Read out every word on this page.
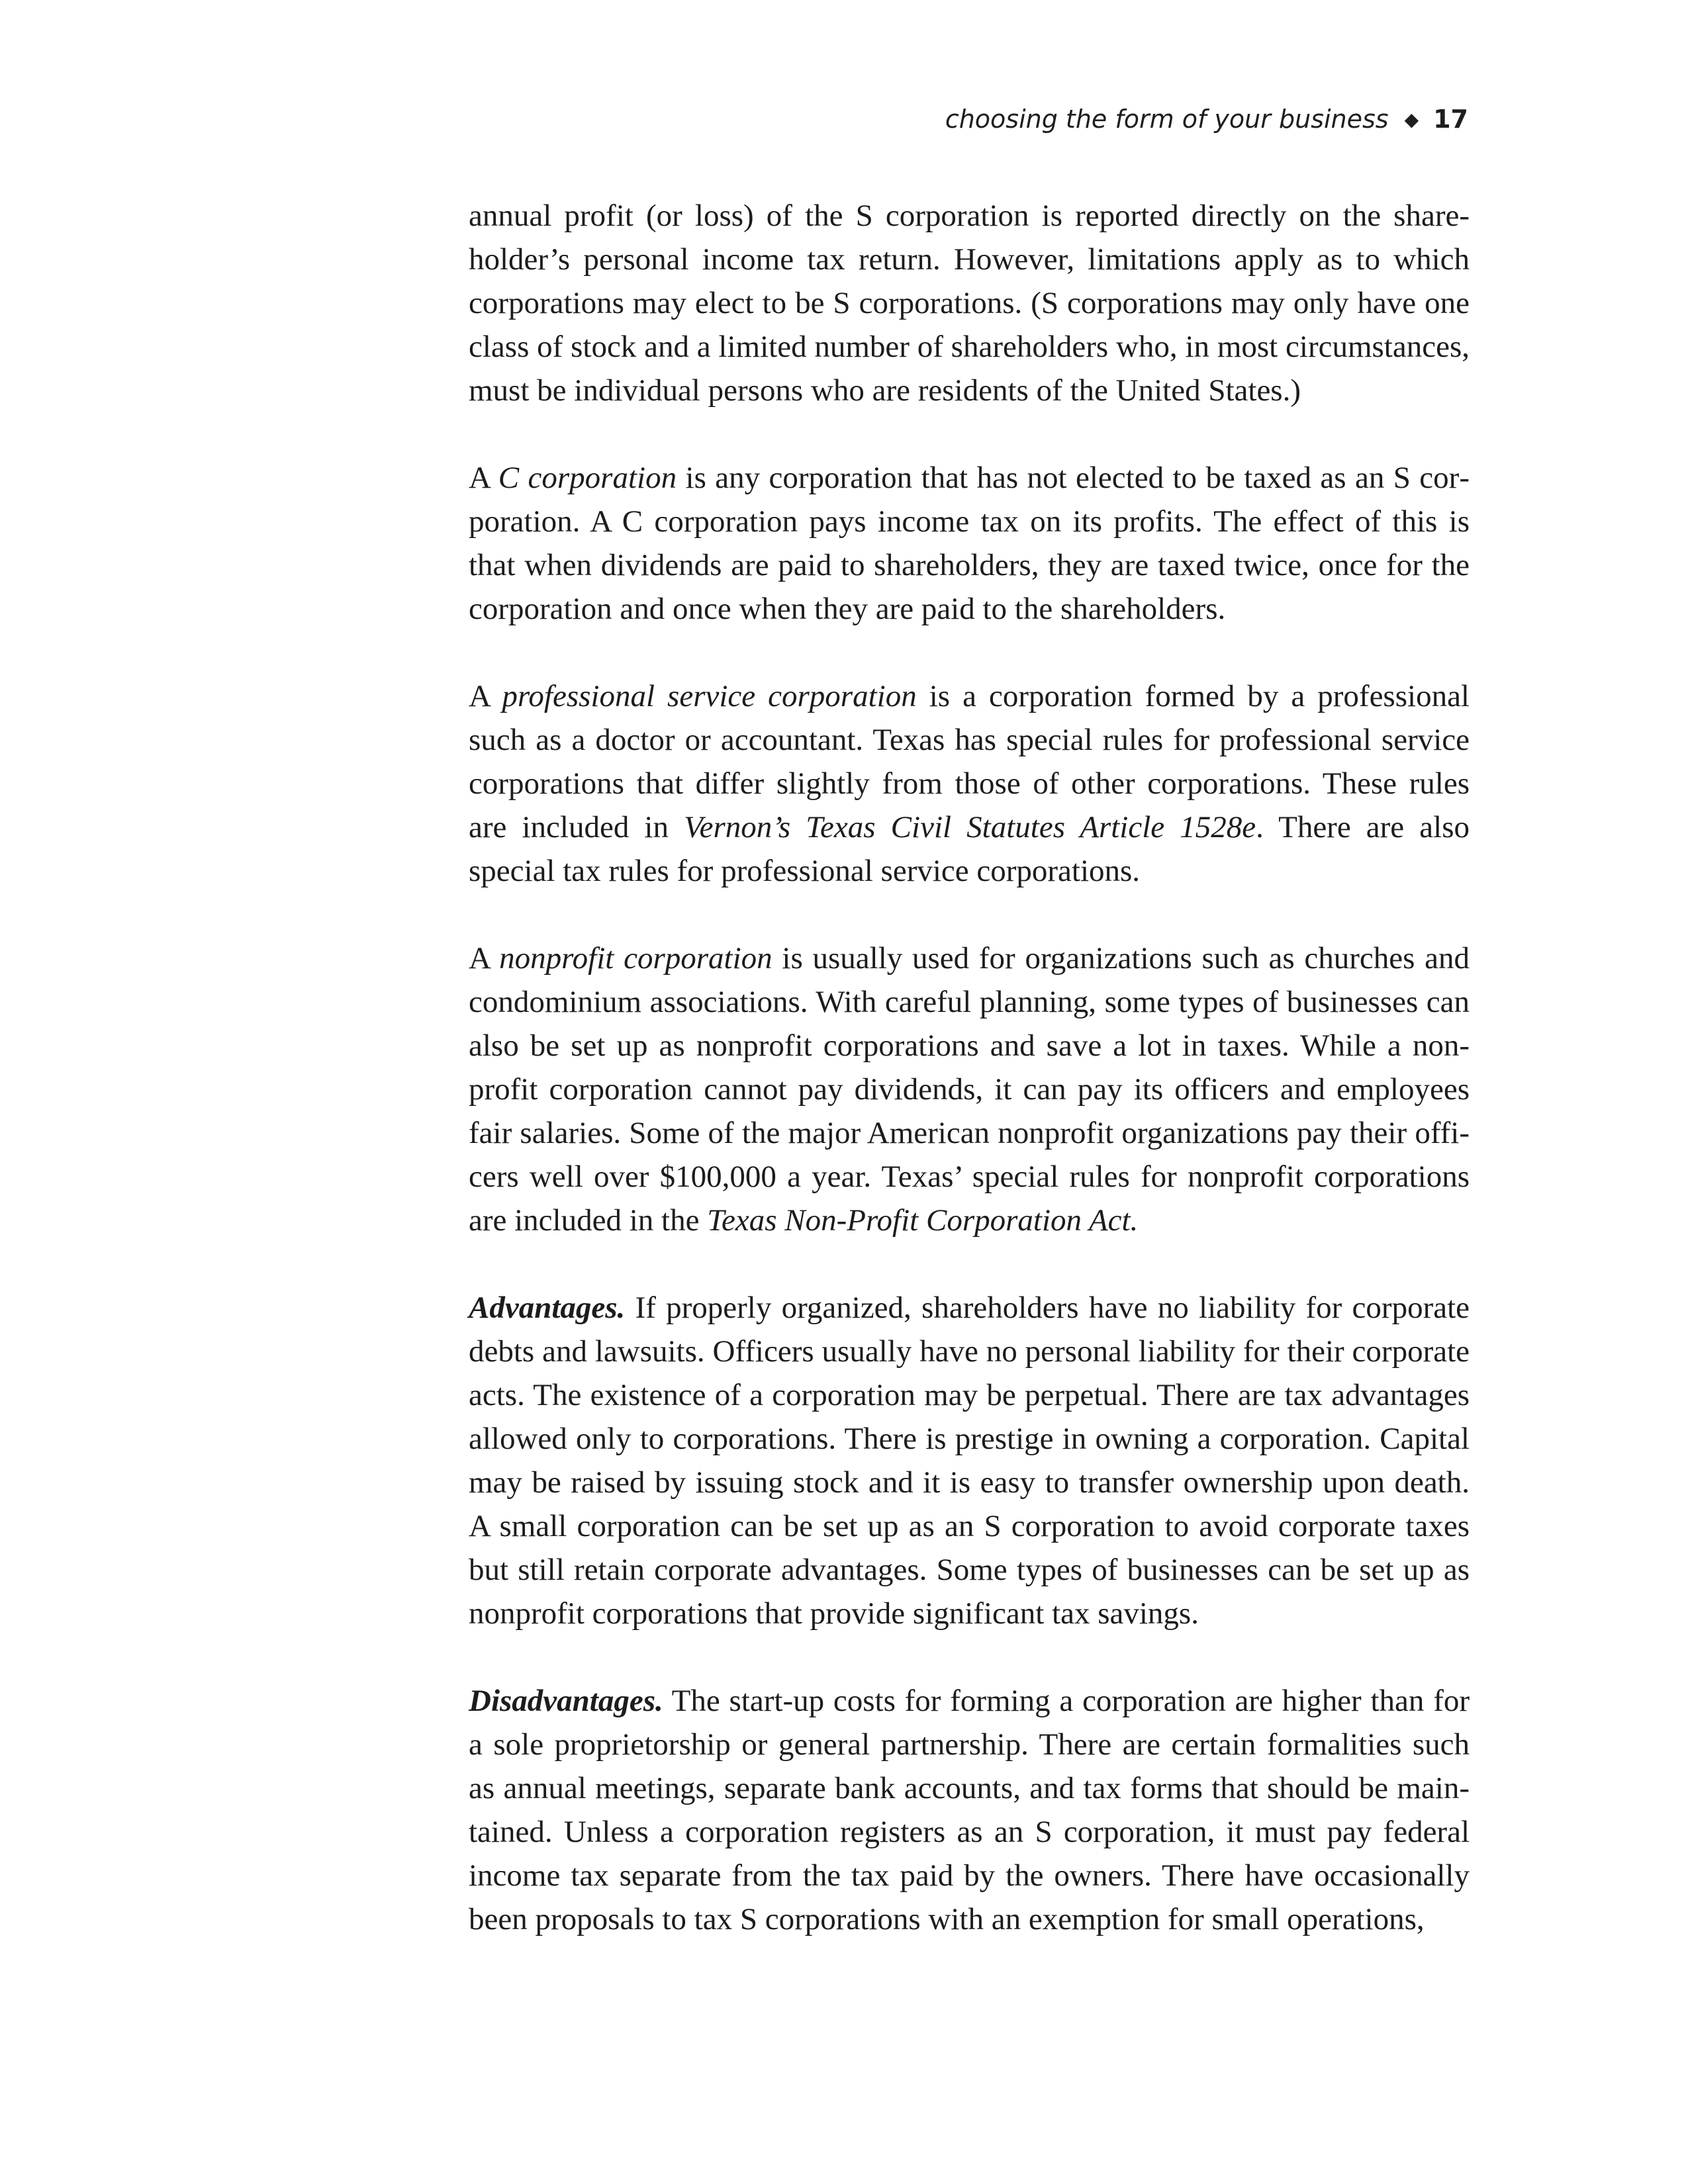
choosing the form of your business ◆ 17

annual profit (or loss) of the S corporation is reported directly on the shareholder’s personal income tax return. However, limitations apply as to which corporations may elect to be S corporations. (S corporations may only have one class of stock and a limited number of shareholders who, in most circumstances, must be individual persons who are residents of the United States.)

A C corporation is any corporation that has not elected to be taxed as an S corporation. A C corporation pays income tax on its profits. The effect of this is that when dividends are paid to shareholders, they are taxed twice, once for the corporation and once when they are paid to the shareholders.

A professional service corporation is a corporation formed by a professional such as a doctor or accountant. Texas has special rules for professional service corporations that differ slightly from those of other corporations. These rules are included in Vernon’s Texas Civil Statutes Article 1528e. There are also special tax rules for professional service corporations.

A nonprofit corporation is usually used for organizations such as churches and condominium associations. With careful planning, some types of businesses can also be set up as nonprofit corporations and save a lot in taxes. While a nonprofit corporation cannot pay dividends, it can pay its officers and employees fair salaries. Some of the major American nonprofit organizations pay their officers well over $100,000 a year. Texas’ special rules for nonprofit corporations are included in the Texas Non-Profit Corporation Act.

Advantages. If properly organized, shareholders have no liability for corporate debts and lawsuits. Officers usually have no personal liability for their corporate acts. The existence of a corporation may be perpetual. There are tax advantages allowed only to corporations. There is prestige in owning a corporation. Capital may be raised by issuing stock and it is easy to transfer ownership upon death. A small corporation can be set up as an S corporation to avoid corporate taxes but still retain corporate advantages. Some types of businesses can be set up as nonprofit corporations that provide significant tax savings.

Disadvantages. The start-up costs for forming a corporation are higher than for a sole proprietorship or general partnership. There are certain formalities such as annual meetings, separate bank accounts, and tax forms that should be maintained. Unless a corporation registers as an S corporation, it must pay federal income tax separate from the tax paid by the owners. There have occasionally been proposals to tax S corporations with an exemption for small operations,
